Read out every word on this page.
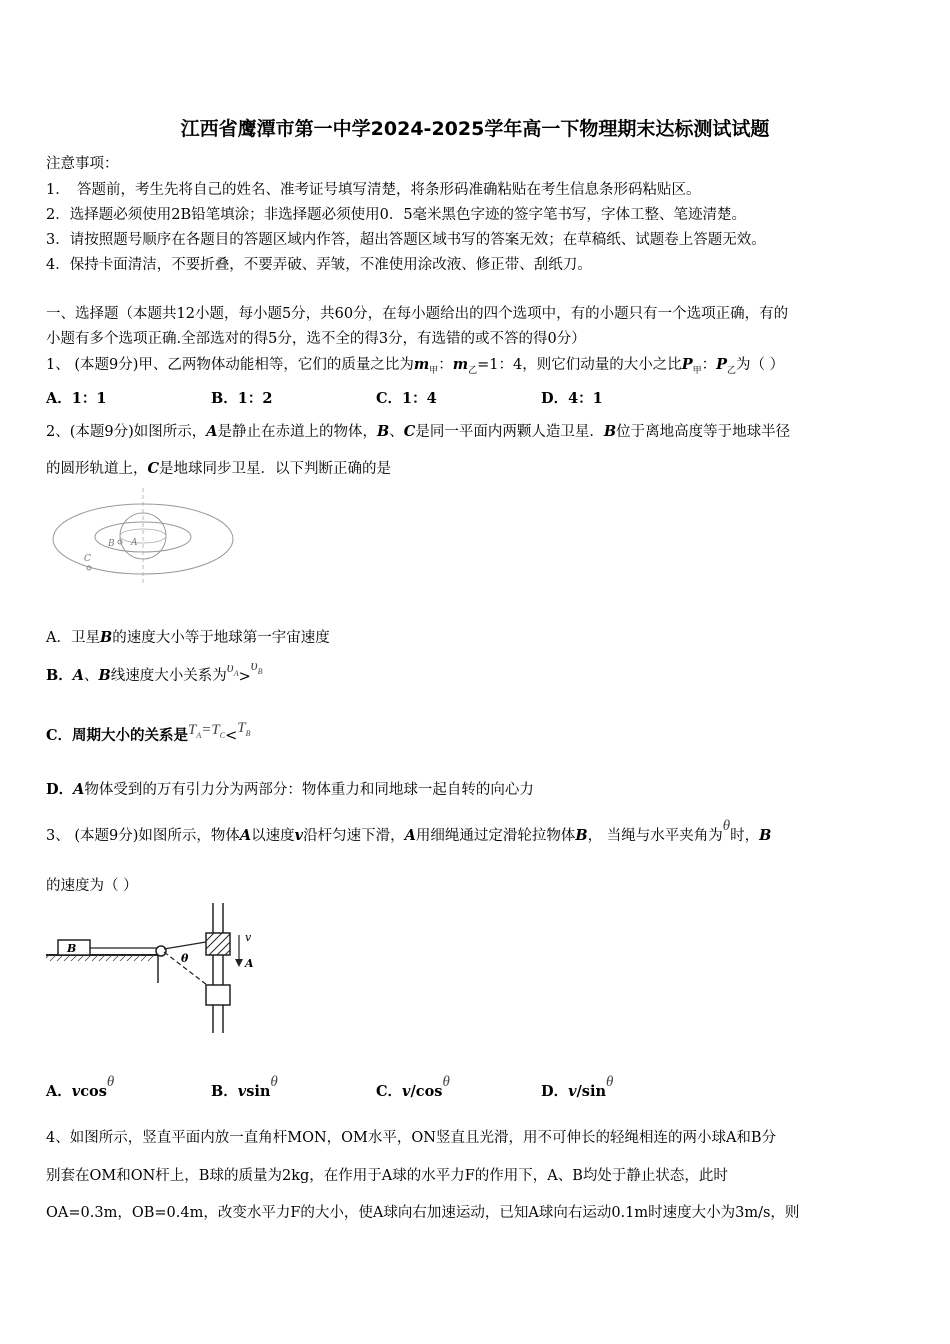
江西省鹰潭市第一中学2024-2025学年高一下物理期末达标测试试题
注意事项：
1．　答题前，考生先将自己的姓名、准考证号填写清楚，将条形码准确粘贴在考生信息条形码粘贴区。
2．选择题必须使用2B铅笔填涂；非选择题必须使用0．5毫米黑色字迹的签字笔书写，字体工整、笔迹清楚。
3．请按照题号顺序在各题目的答题区域内作答，超出答题区域书写的答案无效；在草稿纸、试题卷上答题无效。
4．保持卡面清洁，不要折叠，不要弄破、弄皱，不准使用涂改液、修正带、刮纸刀。
一、选择题（本题共12小题，每小题5分，共60分，在每小题给出的四个选项中，有的小题只有一个选项正确，有的
小题有多个选项正确.全部选对的得5分，选不全的得3分，有选错的或不答的得0分）
1、 (本题9分)甲、乙两物体动能相等，它们的质量之比为$m_甲$：$m_乙=1$：4，则它们动量的大小之比$P_甲$：$P_乙$为（ ）
A．1：1	B．1：2	C．1：4	D．4：1
2、(本题9分)如图所示，A是静止在赤道上的物体，B、C是同一平面内两颗人造卫星．B位于离地高度等于地球半径
的圆形轨道上，C是地球同步卫星．以下判断正确的是
A
B
C
A．卫星B的速度大小等于地球第一宇宙速度
B．A、B线速度大小关系为$\upsilon_A>\upsilon_B$
C．周期大小的关系是$T_A=T_C<T_B$
D．A物体受到的万有引力分为两部分：物体重力和同地球一起自转的向心力
3、 (本题9分)如图所示，物体A以速度v沿杆匀速下滑，A用细绳通过定滑轮拉物体B， 当绳与水平夹角为θ时，B
的速度为（ ）
B
θ
v
A
A．vcosθB．vsinθC．v/cosθD．v/sinθ
4、如图所示，竖直平面内放一直角杆MON，OM水平，ON竖直且光滑，用不可伸长的轻绳相连的两小球A和B分
别套在OM和ON杆上，B球的质量为2kg，在作用于A球的水平力F的作用下，A、B均处于静止状态，此时
OA=0.3m，OB=0.4m，改变水平力F的大小，使A球向右加速运动，已知A球向右运动0.1m时速度大小为3m/s，则
